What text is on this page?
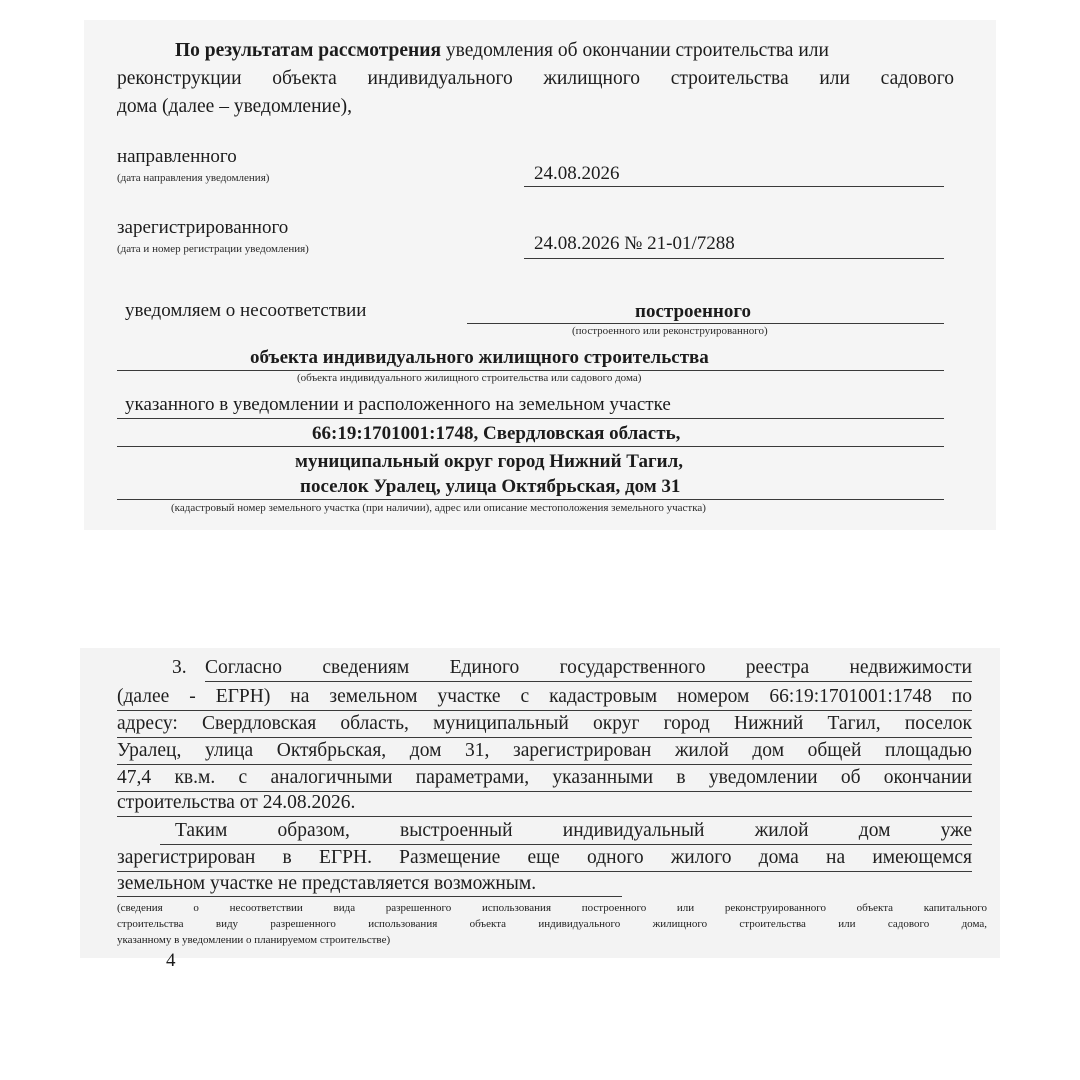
По результатам рассмотрения уведомления об окончании строительства или
реконструкции объекта индивидуального жилищного строительства или садового
дома (далее – уведомление),
направленного
(дата направления уведомления)	24.08.2026
зарегистрированного
(дата и номер регистрации уведомления)	24.08.2026 № 21-01/7288
уведомляем о несоответствии	построенного
(построенного или реконструированного)
объекта индивидуального жилищного строительства
(объекта индивидуального жилищного строительства или садового дома)
указанного в уведомлении и расположенного на земельном участке
66:19:1701001:1748, Свердловская область,
муниципальный округ город Нижний Тагил,
поселок Уралец, улица Октябрьская, дом 31
(кадастровый номер земельного участка (при наличии), адрес или описание местоположения земельного участка)
3. Согласно сведениям Единого государственного реестра недвижимости
(далее - ЕГРН) на земельном участке с кадастровым номером 66:19:1701001:1748 по
адресу: Свердловская область, муниципальный округ город Нижний Тагил, поселок
Уралец, улица Октябрьская, дом 31, зарегистрирован жилой дом общей площадью
47,4 кв.м. с аналогичными параметрами, указанными в уведомлении об окончании
строительства от 24.08.2026.
Таким образом, выстроенный индивидуальный жилой дом уже
зарегистрирован в ЕГРН. Размещение еще одного жилого дома на имеющемся
земельном участке не представляется возможным.
(сведения о несоответствии вида разрешенного использования построенного или реконструированного объекта капитального
строительства виду разрешенного использования объекта индивидуального жилищного строительства или садового дома,
указанному в уведомлении о планируемом строительстве)
4
